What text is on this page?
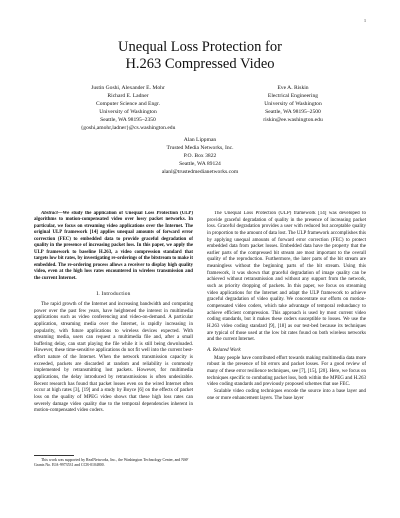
1
Unequal Loss Protection for
H.263 Compressed Video
Justin Goshi, Alexander E. Mohr
Richard E. Ladner
Computer Science and Engr.
University of Washington
Seattle, WA 98195–2350
{goshi,amohr,ladner}@cs.washington.edu
Eve A. Riskin
Electrical Engineering
University of Washington
Seattle, WA 98195–2500
riskin@ee.washington.edu
Alan Lippman
Trusted Media Networks, Inc.
P.O. Box 3822
Seattle, WA 89124
alanl@trustedmedianetworks.com

Abstract—We study the application of Unequal Loss Protection (ULP) algorithms to motion-compensated video over lossy packet networks. In particular, we focus on streaming video applications over the Internet. The original ULP framework [14] applies unequal amounts of forward error correction (FEC) to embedded data to provide graceful degradation of quality in the presence of increasing packet loss. In this paper, we apply the ULP framework to baseline H.263, a video compression standard that targets low bit rates, by investigating re-orderings of the bitstream to make it embedded. The re-ordering process allows a receiver to display high quality video, even at the high loss rates encountered in wireless transmission and the current Internet.

I. Introduction

The rapid growth of the Internet and increasing bandwidth and computing power over the past few years, have heightened the interest in multimedia applications such as video conferencing and video-on-demand. A particular application, streaming media over the Internet, is rapidly increasing in popularity, with future applications to wireless devices expected. With streaming media, users can request a multimedia file and, after a small buffering delay, can start playing the file while it is still being downloaded. However, these time-sensitive applications do not fit well into the current best-effort nature of the Internet. When the network transmission capacity is exceeded, packets are discarded at random and reliability is commonly implemented by retransmitting lost packets. However, for multimedia applications, the delay introduced by retransmissions is often undesirable. Recent research has found that packet losses even on the wired Internet often occur at high rates [3], [19] and a study by Boyce [6] on the effects of packet loss on the quality of MPEG video shows that these high loss rates can severely damage video quality due to the temporal dependencies inherent in motion-compensated video coders.

This work was supported by RealNetworks, Inc., the Washington Technology Center, and NSF Grants No. EIA-9973531 and CCR-0104800.

The Unequal Loss Protection (ULP) framework [14] was developed to provide graceful degradation of quality in the presence of increasing packet loss. Graceful degradation provides a user with reduced but acceptable quality in proportion to the amount of data lost. The ULP framework accomplishes this by applying unequal amounts of forward error correction (FEC) to protect embedded data from packet losses. Embedded data have the property that the earlier parts of the compressed bit stream are most important to the overall quality of the reproduction. Furthermore, the later parts of the bit stream are meaningless without the beginning parts of the bit stream. Using this framework, it was shown that graceful degradation of image quality can be achieved without retransmission and without any support from the network, such as priority dropping of packets. In this paper, we focus on streaming video applications for the Internet and adapt the ULP framework to achieve graceful degradation of video quality. We concentrate our efforts on motion-compensated video coders, which take advantage of temporal redundancy to achieve efficient compression. This approach is used by most current video coding standards, but it makes these coders susceptible to losses. We use the H.263 video coding standard [9], [18] as our test-bed because its techniques are typical of those used at the low bit rates found on both wireless networks and the current Internet.

A. Related Work

Many people have contributed effort towards making multimedia data more robust in the presence of bit errors and packet losses. For a good review of many of these error resilience techniques, see [7], [15], [20]. Here, we focus on techniques specific to combating packet loss, both within the MPEG and H.263 video coding standards and previously proposed schemes that use FEC.

Scalable video coding techniques encode the source into a base layer and one or more enhancement layers. The base layer
